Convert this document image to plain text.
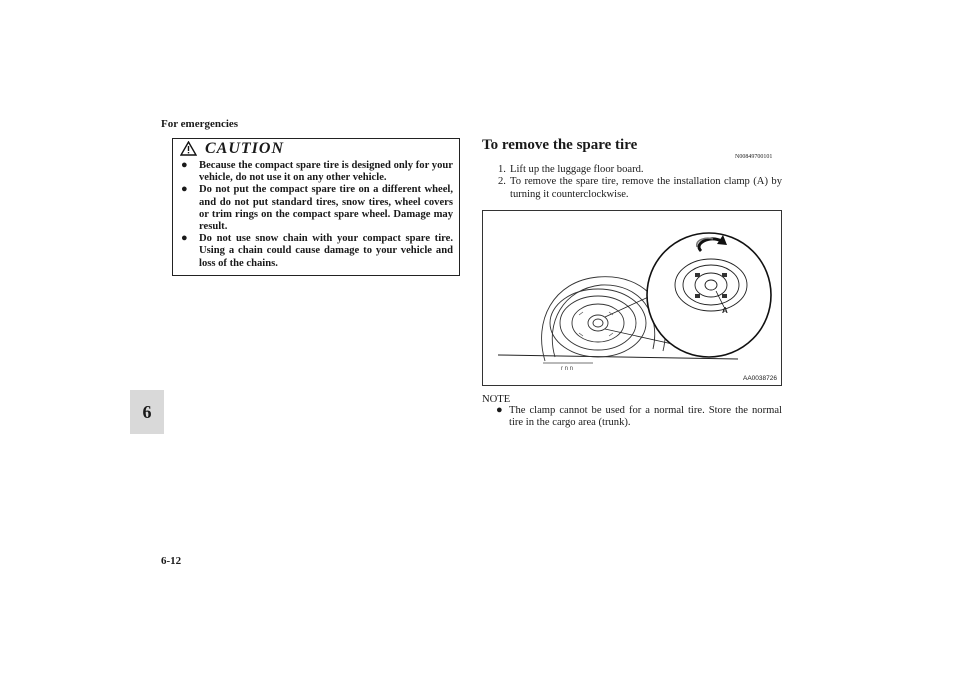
For emergencies
6
6-12
CAUTION

● Because the compact spare tire is designed only for your vehicle, do not use it on any other vehicle.

● Do not put the compact spare tire on a different wheel, and do not put standard tires, snow tires, wheel covers or trim rings on the compact spare wheel. Damage may result.

● Do not use snow chain with your compact spare tire. Using a chain could cause damage to your vehicle and loss of the chains.

To remove the spare tire
N00849700101

1. Lift up the luggage floor board.

2. To remove the spare tire, remove the installation clamp (A) by turning it counterclockwise.

r n n
A
AA0038726
NOTE

● The clamp cannot be used for a normal tire. Store the normal tire in the cargo area (trunk).
